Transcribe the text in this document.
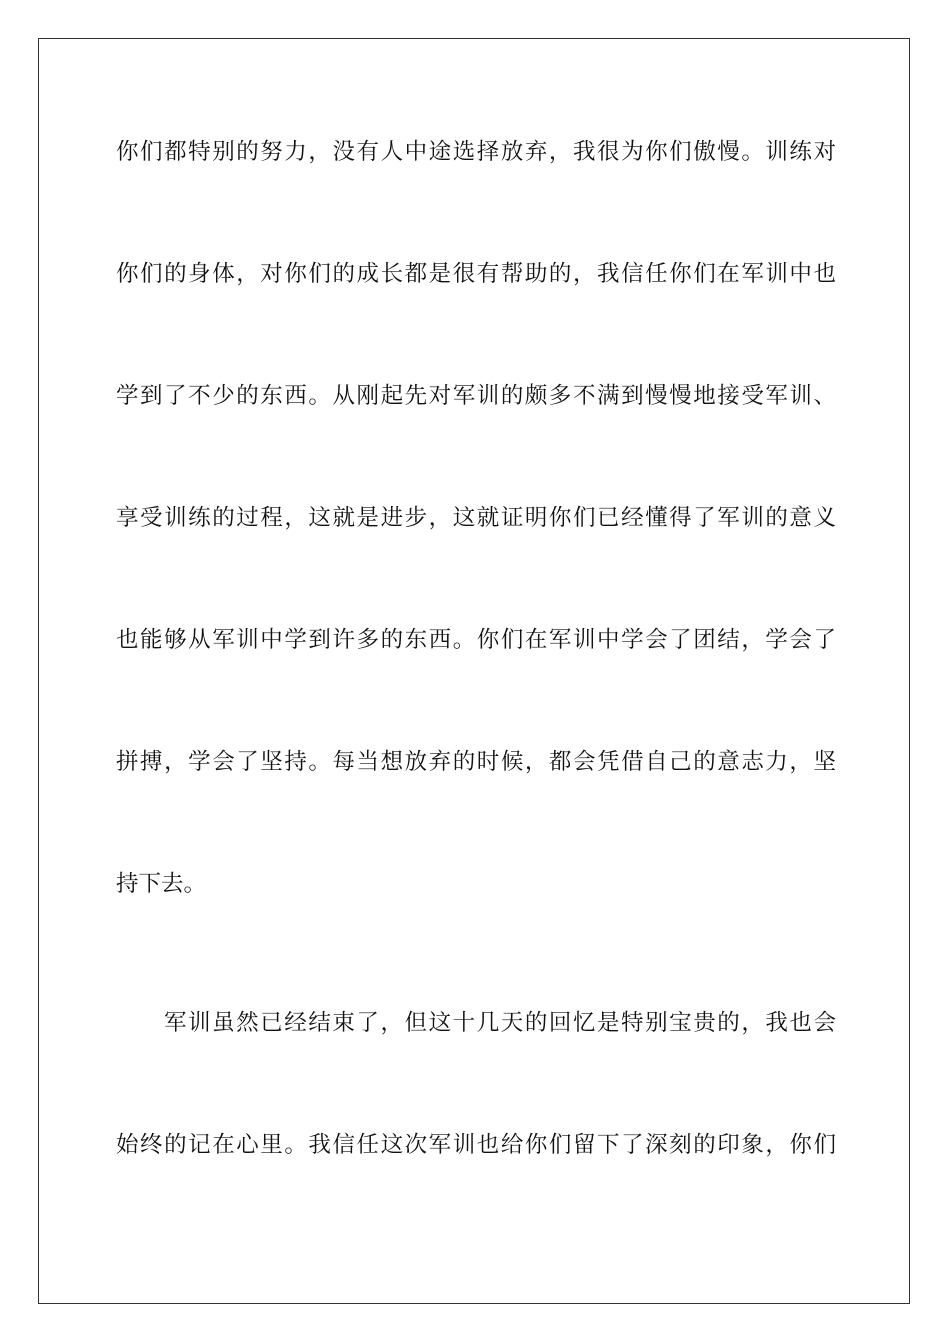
你们都特别的努力，没有人中途选择放弃，我很为你们傲慢。训练对
你们的身体，对你们的成长都是很有帮助的，我信任你们在军训中也
学到了不少的东西。从刚起先对军训的颇多不满到慢慢地接受军训、
享受训练的过程，这就是进步，这就证明你们已经懂得了军训的意义
也能够从军训中学到许多的东西。你们在军训中学会了团结，学会了
拼搏，学会了坚持。每当想放弃的时候，都会凭借自己的意志力，坚
持下去。
军训虽然已经结束了，但这十几天的回忆是特别宝贵的，我也会
始终的记在心里。我信任这次军训也给你们留下了深刻的印象，你们
